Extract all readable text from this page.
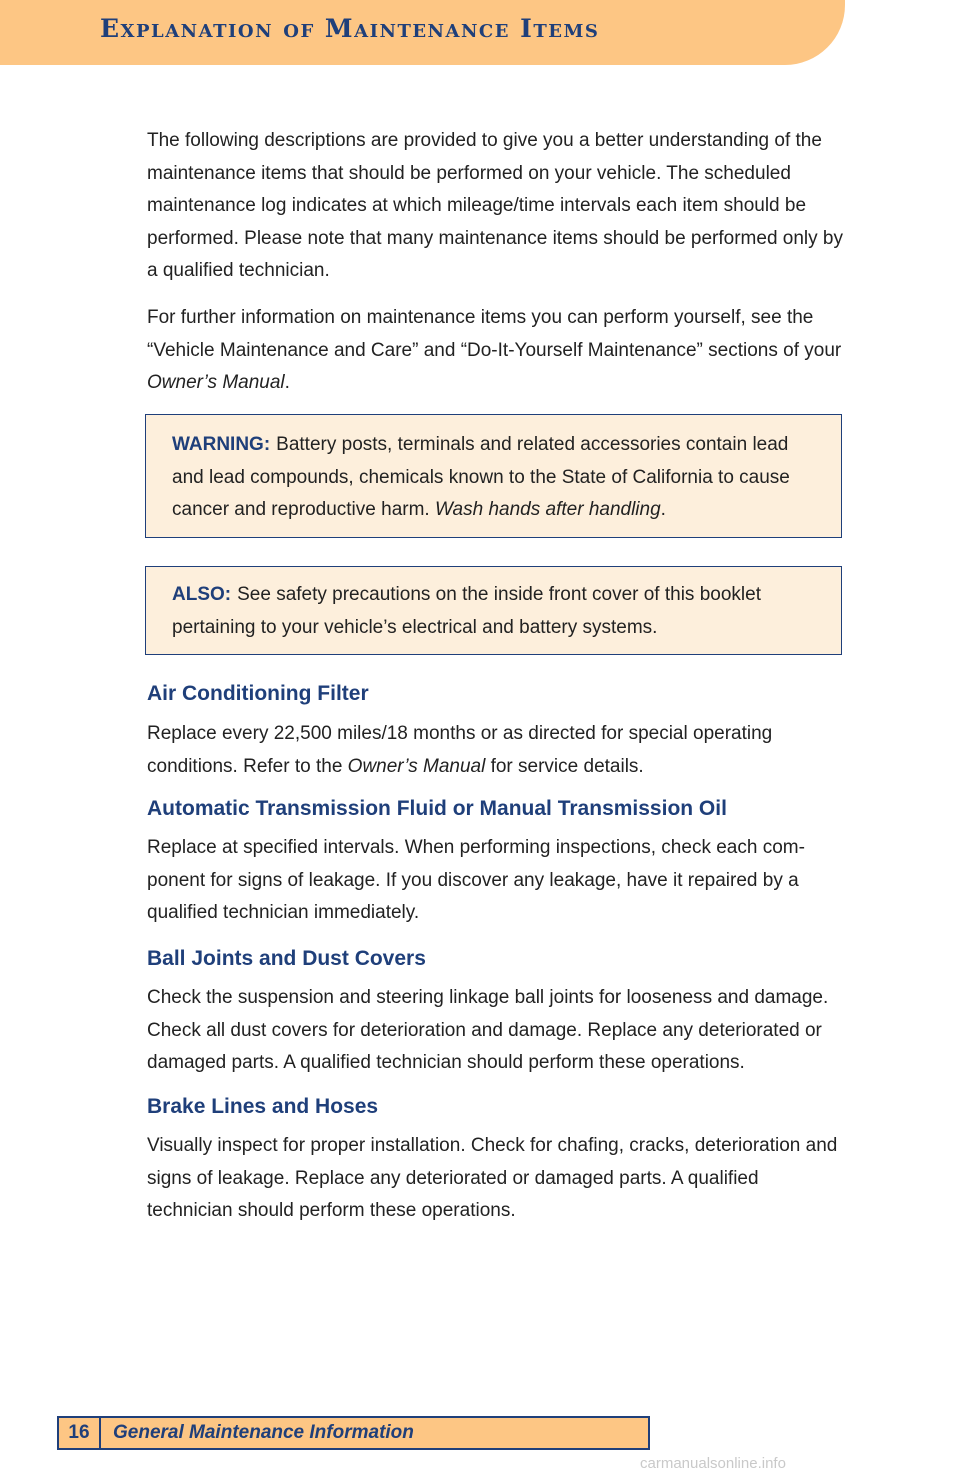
Explanation of Maintenance Items

The following descriptions are provided to give you a better understanding of the maintenance items that should be performed on your vehicle. The scheduled maintenance log indicates at which mileage/time intervals each item should be performed. Please note that many maintenance items should be performed only by a qualified technician.

For further information on maintenance items you can perform yourself, see the “Vehicle Maintenance and Care” and “Do-It-Yourself Maintenance” sections of your Owner’s Manual.

WARNING: Battery posts, terminals and related accessories contain lead and lead compounds, chemicals known to the State of California to cause cancer and reproductive harm. Wash hands after handling.
ALSO: See safety precautions on the inside front cover of this booklet pertaining to your vehicle’s electrical and battery systems.
Air Conditioning Filter

Replace every 22,500 miles/18 months or as directed for special operating conditions. Refer to the Owner’s Manual for service details.

Automatic Transmission Fluid or Manual Transmission Oil

Replace at specified intervals. When performing inspections, check each com-ponent for signs of leakage. If you discover any leakage, have it repaired by a qualified technician immediately.

Ball Joints and Dust Covers

Check the suspension and steering linkage ball joints for looseness and damage. Check all dust covers for deterioration and damage. Replace any deteriorated or damaged parts. A qualified technician should perform these operations.

Brake Lines and Hoses

Visually inspect for proper installation. Check for chafing, cracks, deterioration and signs of leakage. Replace any deteriorated or damaged parts. A qualified technician should perform these operations.

16	General Maintenance Information
carmanualsonline.info
